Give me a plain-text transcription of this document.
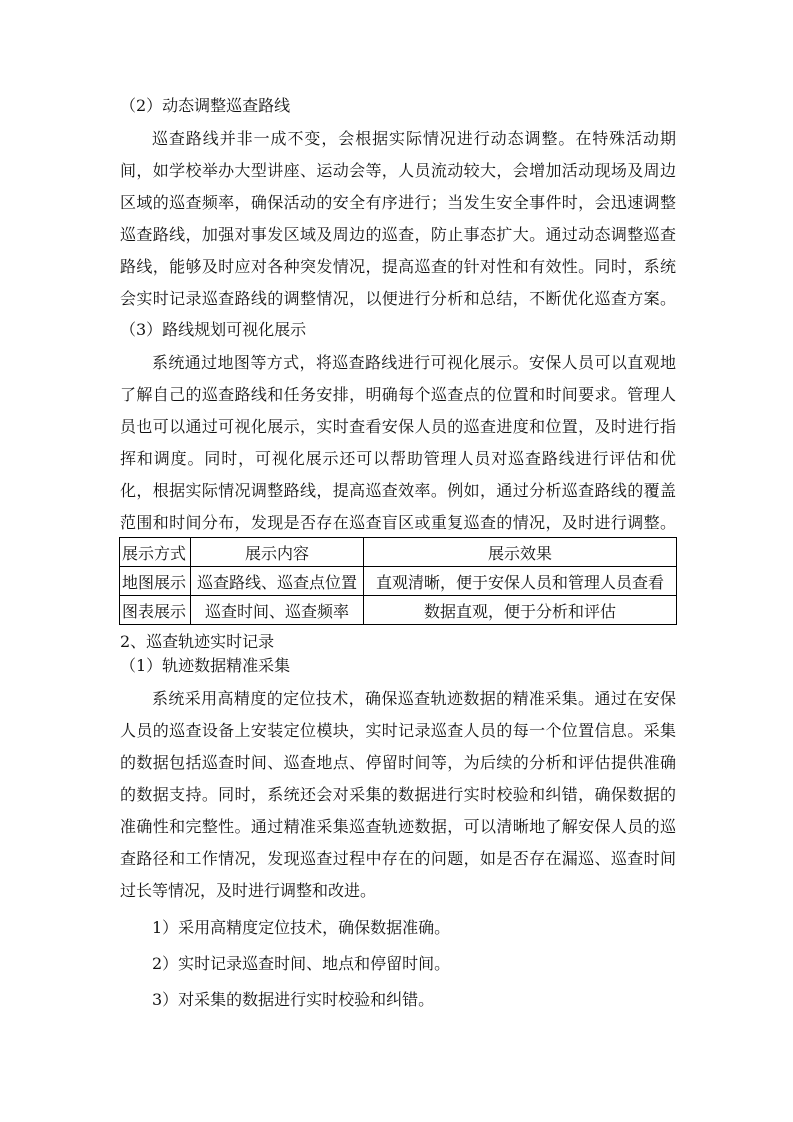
（2）动态调整巡查路线
巡查路线并非一成不变，会根据实际情况进行动态调整。在特殊活动期
间，如学校举办大型讲座、运动会等，人员流动较大，会增加活动现场及周边
区域的巡查频率，确保活动的安全有序进行；当发生安全事件时，会迅速调整
巡查路线，加强对事发区域及周边的巡查，防止事态扩大。通过动态调整巡查
路线，能够及时应对各种突发情况，提高巡查的针对性和有效性。同时，系统
会实时记录巡查路线的调整情况，以便进行分析和总结，不断优化巡查方案。
（3）路线规划可视化展示
系统通过地图等方式，将巡查路线进行可视化展示。安保人员可以直观地
了解自己的巡查路线和任务安排，明确每个巡查点的位置和时间要求。管理人
员也可以通过可视化展示，实时查看安保人员的巡查进度和位置，及时进行指
挥和调度。同时，可视化展示还可以帮助管理人员对巡查路线进行评估和优
化，根据实际情况调整路线，提高巡查效率。例如，通过分析巡查路线的覆盖
范围和时间分布，发现是否存在巡查盲区或重复巡查的情况，及时进行调整。
展示方式	展示内容	展示效果
地图展示	巡查路线、巡查点位置	直观清晰，便于安保人员和管理人员查看
图表展示	巡查时间、巡查频率	数据直观，便于分析和评估
2、巡查轨迹实时记录
（1）轨迹数据精准采集
系统采用高精度的定位技术，确保巡查轨迹数据的精准采集。通过在安保
人员的巡查设备上安装定位模块，实时记录巡查人员的每一个位置信息。采集
的数据包括巡查时间、巡查地点、停留时间等，为后续的分析和评估提供准确
的数据支持。同时，系统还会对采集的数据进行实时校验和纠错，确保数据的
准确性和完整性。通过精准采集巡查轨迹数据，可以清晰地了解安保人员的巡
查路径和工作情况，发现巡查过程中存在的问题，如是否存在漏巡、巡查时间
过长等情况，及时进行调整和改进。
1）采用高精度定位技术，确保数据准确。
2）实时记录巡查时间、地点和停留时间。
3）对采集的数据进行实时校验和纠错。
